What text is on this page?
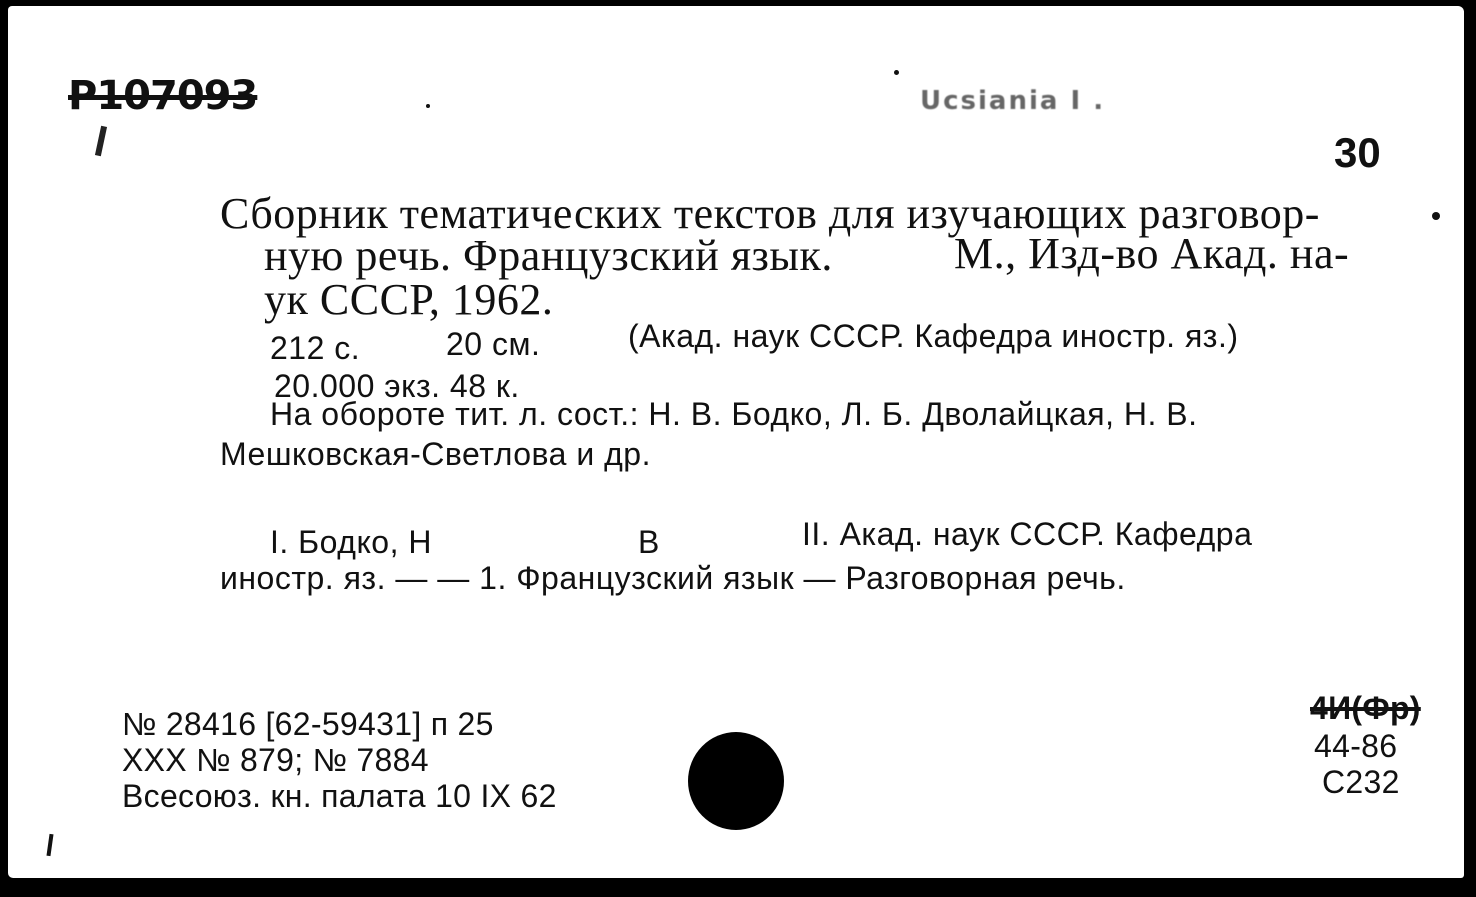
Р107093	Ucsianіа I .
30
Сборник тематических текстов для изучающих разговор-
ную речь. Французский язык.	М., Изд-во Акад. на-
ук СССР, 1962.
212 с.	20 см.	(Акад. наук СССР. Кафедра иностр. яз.)
20.000 экз. 48 к.
На обороте тит. л. сост.: Н. В. Бодко, Л. Б. Дволайцкая, Н. В.
Мешковская-Светлова и др.
I. Бодко, Н	В	II. Акад. наук СССР. Кафедра
иностр. яз. — — 1. Французский язык — Разговорная речь.
№ 28416 [62-59431] п 25
XXX № 879; № 7884
Всесоюз. кн. палата 10 IX 62
4И(Фр)
44-86
С232
